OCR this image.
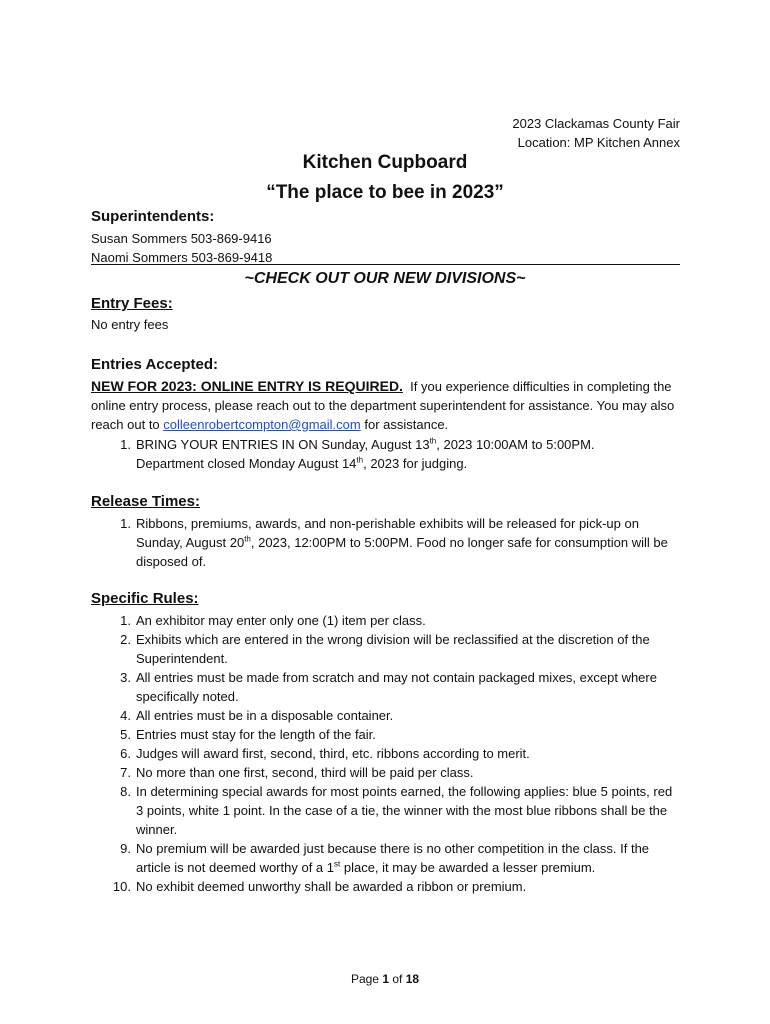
2023 Clackamas County Fair
Location: MP Kitchen Annex
Kitchen Cupboard
“The place to bee in 2023”
Superintendents:
Susan Sommers 503-869-9416
Naomi Sommers 503-869-9418
~CHECK OUT OUR NEW DIVISIONS~
Entry Fees:
No entry fees
Entries Accepted:
NEW FOR 2023: ONLINE ENTRY IS REQUIRED. If you experience difficulties in completing the online entry process, please reach out to the department superintendent for assistance. You may also reach out to colleenrobertcompton@gmail.com for assistance.
1. BRING YOUR ENTRIES IN ON Sunday, August 13th, 2023 10:00AM to 5:00PM.
Department closed Monday August 14th, 2023 for judging.
Release Times:
1. Ribbons, premiums, awards, and non-perishable exhibits will be released for pick-up on Sunday, August 20th, 2023, 12:00PM to 5:00PM. Food no longer safe for consumption will be disposed of.
Specific Rules:
1. An exhibitor may enter only one (1) item per class.
2. Exhibits which are entered in the wrong division will be reclassified at the discretion of the Superintendent.
3. All entries must be made from scratch and may not contain packaged mixes, except where specifically noted.
4. All entries must be in a disposable container.
5. Entries must stay for the length of the fair.
6. Judges will award first, second, third, etc. ribbons according to merit.
7. No more than one first, second, third will be paid per class.
8. In determining special awards for most points earned, the following applies: blue 5 points, red 3 points, white 1 point. In the case of a tie, the winner with the most blue ribbons shall be the winner.
9. No premium will be awarded just because there is no other competition in the class. If the article is not deemed worthy of a 1st place, it may be awarded a lesser premium.
10. No exhibit deemed unworthy shall be awarded a ribbon or premium.
Page 1 of 18
